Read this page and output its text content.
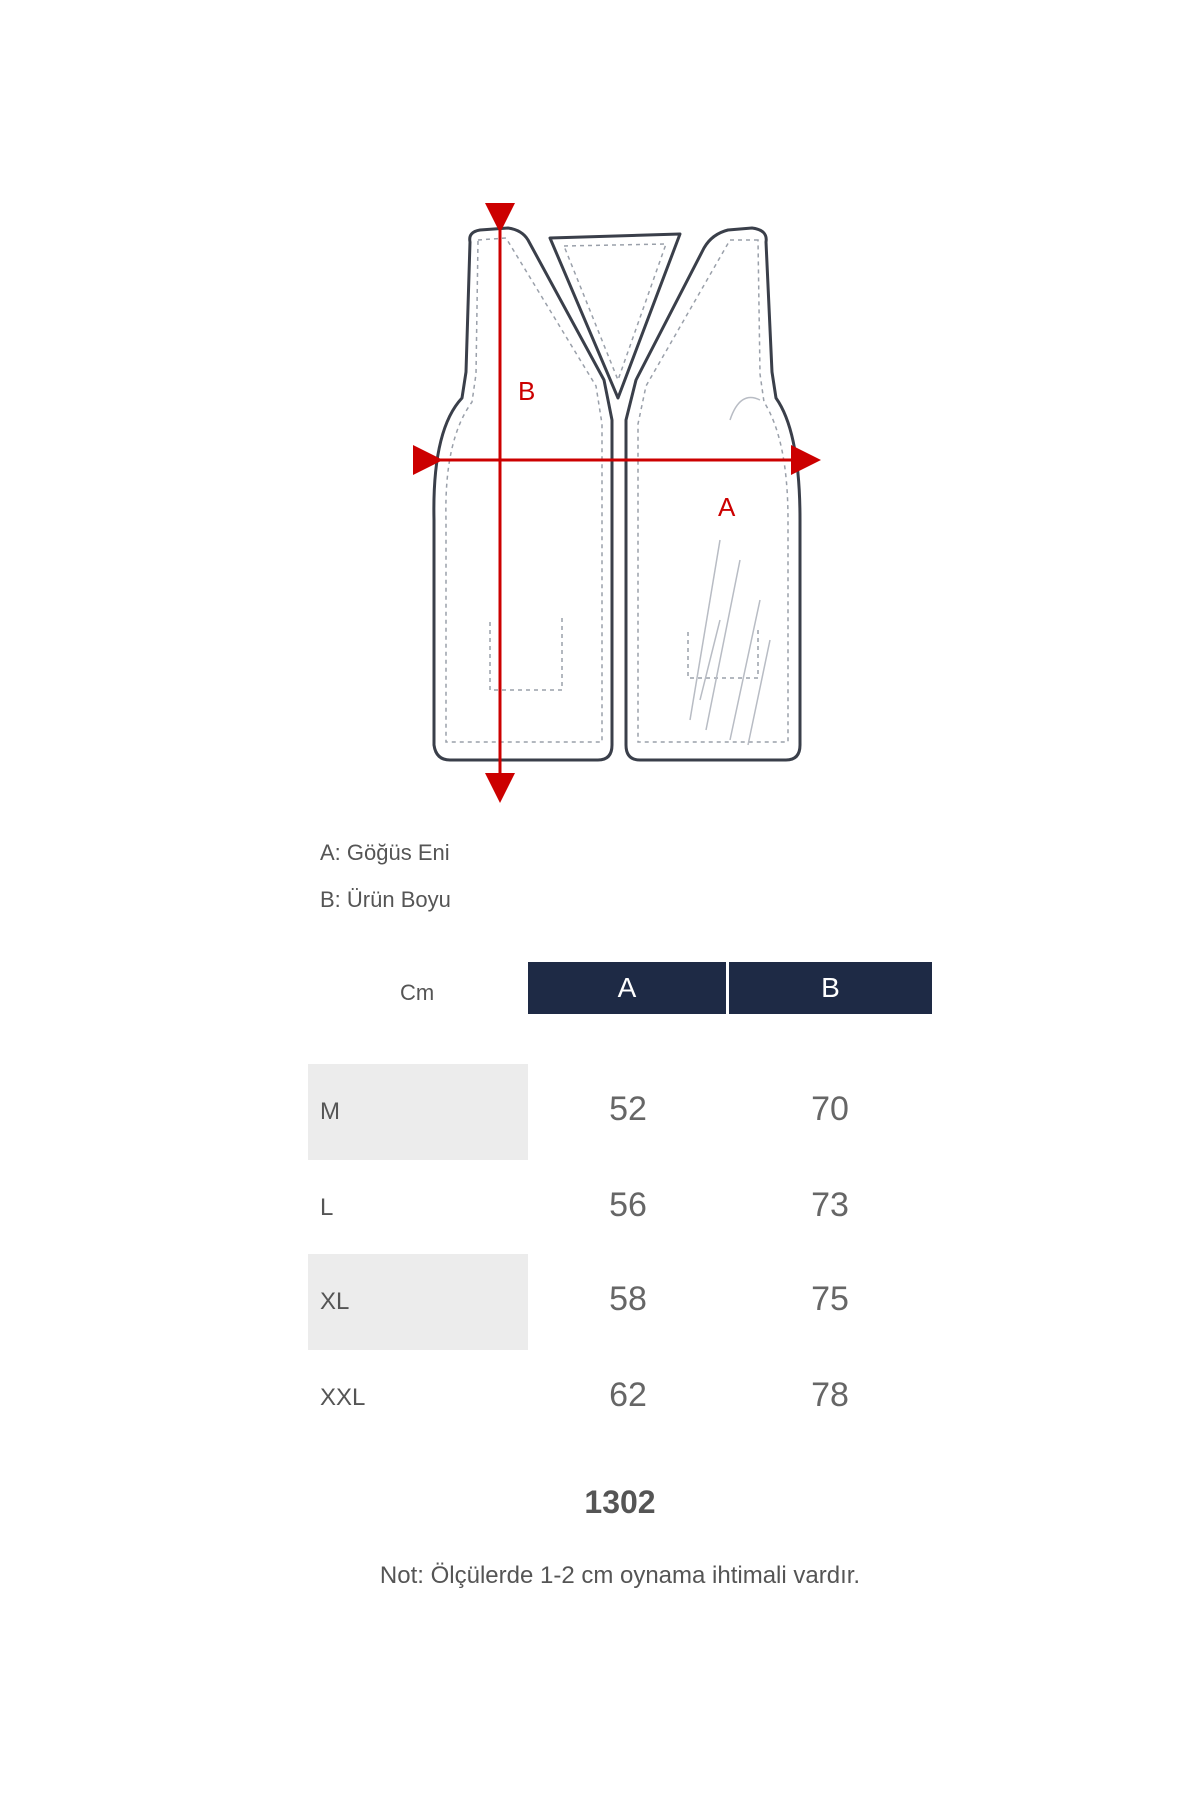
B
A
A: Göğüs Eni
B: Ürün Boyu
Cm	A	B
M	52	70
L	56	73
XL	58	75
XXL	62	78
1302
Not: Ölçülerde 1-2 cm oynama ihtimali vardır.
